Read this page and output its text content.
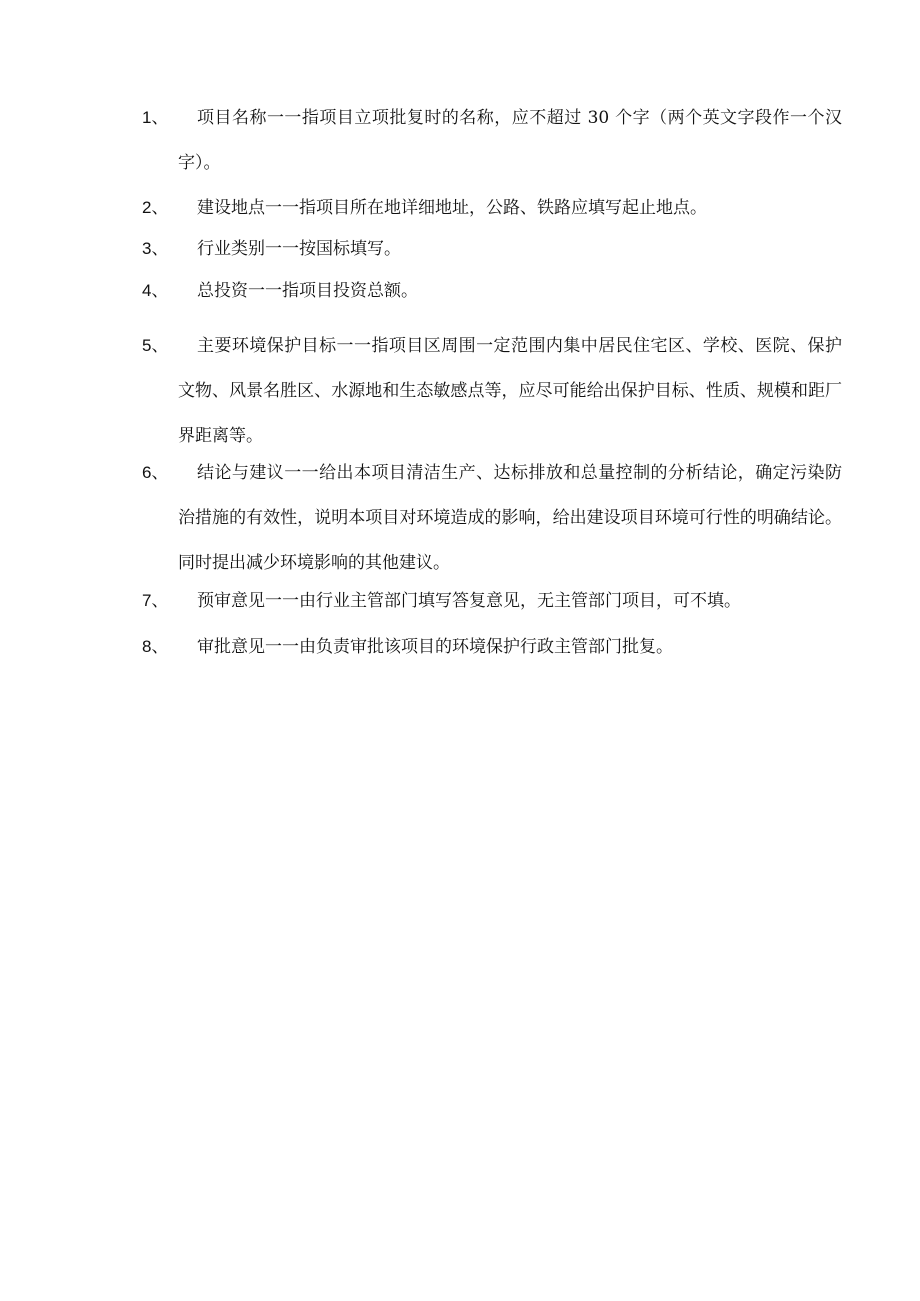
1、	项目名称一一指项目立项批复时的名称，应不超过 30 个字（两个英文字段作一个汉字）。
2、	建设地点一一指项目所在地详细地址，公路、铁路应填写起止地点。
3、	行业类别一一按国标填写。
4、	总投资一一指项目投资总额。
5、	主要环境保护目标一一指项目区周围一定范围内集中居民住宅区、学校、医院、保护文物、风景名胜区、水源地和生态敏感点等，应尽可能给出保护目标、性质、规模和距厂界距离等。
6、	结论与建议一一给出本项目清洁生产、达标排放和总量控制的分析结论，确定污染防治措施的有效性，说明本项目对环境造成的影响，给出建设项目环境可行性的明确结论。同时提出减少环境影响的其他建议。
7、	预审意见一一由行业主管部门填写答复意见，无主管部门项目，可不填。
8、	审批意见一一由负责审批该项目的环境保护行政主管部门批复。
